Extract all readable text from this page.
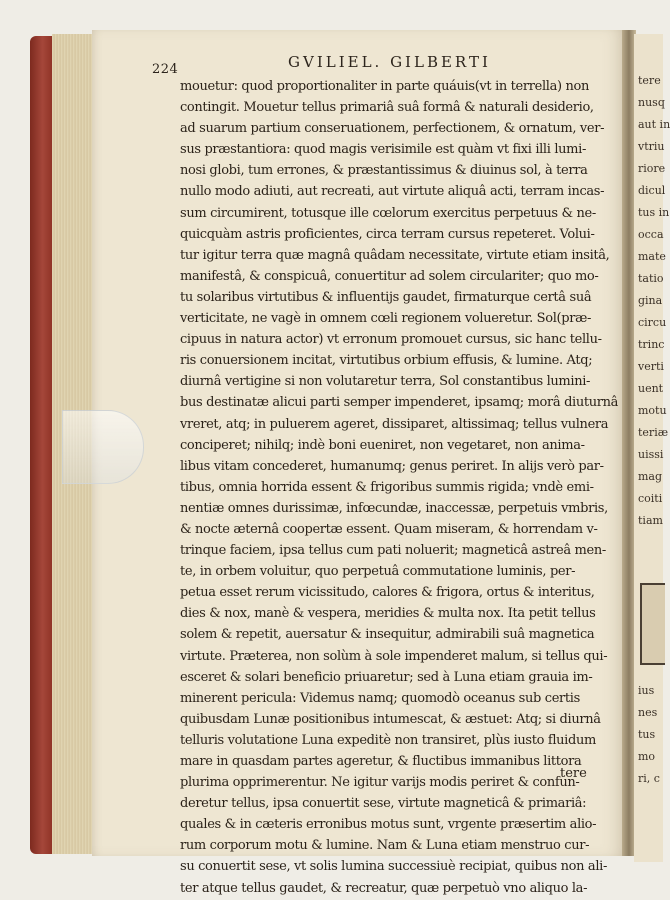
tere
nusq
aut in
vtriu
riore
dicul
tus in
occa
mate
tatio
gina
circu
trinc
verti
uent
motu
teriæ
uissi
mag
coiti
tiam
ius
nes
tus
mo
ri, c
224	GVILIEL. GILBERTI
mouetur: quod proportionaliter in parte quáuis(vt in terrella) non
contingit. Mouetur tellus primariâ suâ formâ & naturali desiderio,
ad suarum partium conseruationem, perfectionem, & ornatum, ver-
sus præstantiora: quod magis verisimile est quàm vt fixi illi lumi-
nosi globi, tum errones, & præstantissimus & diuinus sol, à terra
nullo modo adiuti, aut recreati, aut virtute aliquâ acti, terram incas-
sum circumirent, totusque ille cœlorum exercitus perpetuus & ne-
quicquàm astris proficientes, circa terram cursus repeteret. Volui-
tur igitur terra quæ magnâ quâdam necessitate, virtute etiam insitâ,
manifestâ, & conspicuâ, conuertitur ad solem circulariter; quo mo-
tu solaribus virtutibus & influentijs gaudet, firmaturque certâ suâ
verticitate, ne vagè in omnem cœli regionem volueretur. Sol(præ-
cipuus in natura actor) vt erronum promouet cursus, sic hanc tellu-
ris conuersionem incitat, virtutibus orbium effusis, & lumine. Atq;
diurnâ vertigine si non volutaretur terra, Sol constantibus lumini-
bus destinatæ alicui parti semper impenderet, ipsamq; morâ diuturnâ
vreret, atq; in puluerem ageret, dissiparet, altissimaq; tellus vulnera
conciperet; nihilq; indè boni eueniret, non vegetaret, non anima-
libus vitam concederet, humanumq; genus periret. In alijs verò par-
tibus, omnia horrida essent & frigoribus summis rigida; vndè emi-
nentiæ omnes durissimæ, infœcundæ, inaccessæ, perpetuis vmbris,
& nocte æternâ coopertæ essent. Quam miseram, & horrendam v-
trinque faciem, ipsa tellus cum pati noluerit; magneticâ astreâ men-
te, in orbem voluitur, quo perpetuâ commutatione luminis, per-
petua esset rerum vicissitudo, calores & frigora, ortus & interitus,
dies & nox, manè & vespera, meridies & multa nox. Ita petit tellus
solem & repetit, auersatur & insequitur, admirabili suâ magnetica
virtute. Præterea, non solùm à sole impenderet malum, si tellus qui-
esceret & solari beneficio priuaretur; sed à Luna etiam grauia im-
minerent pericula: Videmus namq; quomodò oceanus sub certis
quibusdam Lunæ positionibus intumescat, & æstuet: Atq; si diurnâ
telluris volutatione Luna expeditè non transiret, plùs iusto fluidum
mare in quasdam partes ageretur, & fluctibus immanibus littora
plurima opprimerentur. Ne igitur varijs modis periret & confun-
deretur tellus, ipsa conuertit sese, virtute magneticâ & primariâ:
quales & in cæteris erronibus motus sunt, vrgente præsertim alio-
rum corporum motu & lumine. Nam & Luna etiam menstruo cur-
su conuertit sese, vt solis lumina successiuè recipiat, quibus non ali-
ter atque tellus gaudet, & recreatur, quæ perpetuò vno aliquo la-
tere
